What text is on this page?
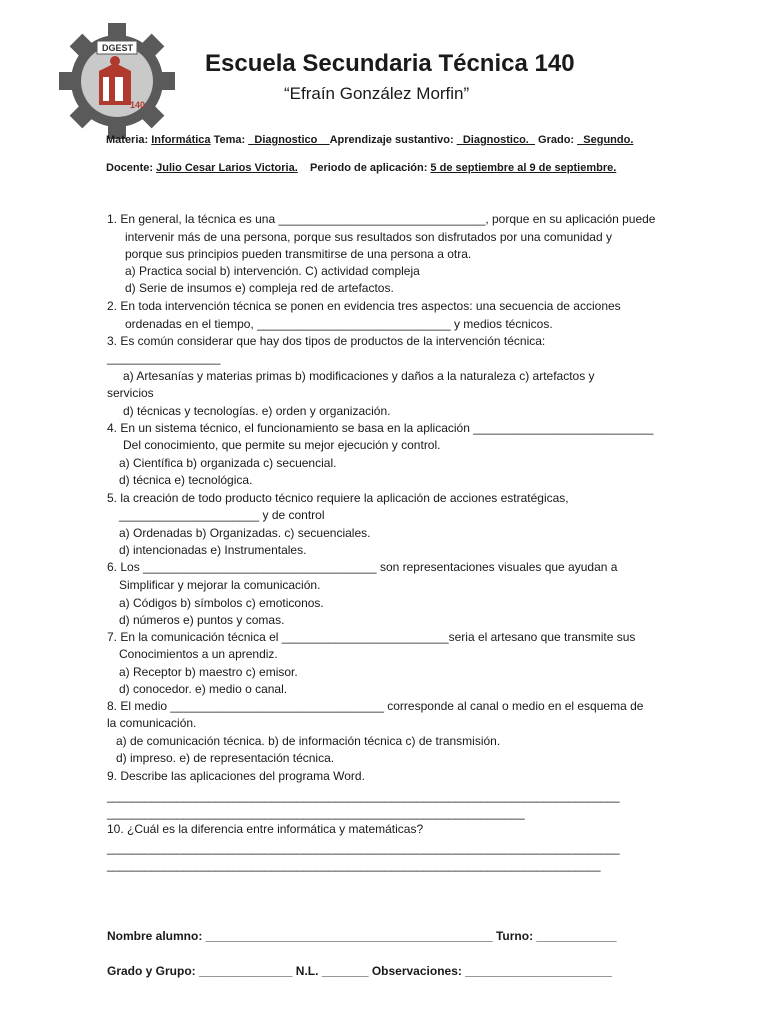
DGEST
140
Escuela Secundaria Técnica 140
“Efraín González Morfin”
Materia: Informática Tema: _Diagnostico__Aprendizaje sustantivo: _Diagnostico._ Grado: _Segundo.
Docente: Julio Cesar Larios Victoria. Periodo de aplicación: 5 de septiembre al 9 de septiembre.
1. En general, la técnica es una _______________________________, porque en su aplicación puede
intervenir más de una persona, porque sus resultados son disfrutados por una comunidad y
porque sus principios pueden transmitirse de una persona a otra.
a) Practica social b) intervención. C) actividad compleja
d) Serie de insumos e) compleja red de artefactos.
2. En toda intervención técnica se ponen en evidencia tres aspectos: una secuencia de acciones
ordenadas en el tiempo, _____________________________ y medios técnicos.
3. Es común considerar que hay dos tipos de productos de la intervención técnica:
_________________
a) Artesanías y materias primas b) modificaciones y daños a la naturaleza c) artefactos y
servicios
d) técnicas y tecnologías. e) orden y organización.
4. En un sistema técnico, el funcionamiento se basa en la aplicación ___________________________
Del conocimiento, que permite su mejor ejecución y control.
a) Científica b) organizada c) secuencial.
d) técnica e) tecnológica.
5. la creación de todo producto técnico requiere la aplicación de acciones estratégicas,
_____________________ y de control
a) Ordenadas b) Organizadas. c) secuenciales.
d) intencionadas e) Instrumentales.
6. Los ___________________________________ son representaciones visuales que ayudan a
Simplificar y mejorar la comunicación.
a) Códigos b) símbolos c) emoticonos.
d) números e) puntos y comas.
7. En la comunicación técnica el _________________________seria el artesano que transmite sus
Conocimientos a un aprendiz.
a) Receptor b) maestro c) emisor.
d) conocedor. e) medio o canal.
8. El medio ________________________________ corresponde al canal o medio en el esquema de
la comunicación.
a) de comunicación técnica. b) de información técnica c) de transmisión.
d) impreso. e) de representación técnica.
9. Describe las aplicaciones del programa Word.
_________________________________________________________________________________
__________________________________________________________________
10. ¿Cuál es la diferencia entre informática y matemáticas?
_________________________________________________________________________________
______________________________________________________________________________
Nombre alumno: ___________________________________________ Turno: ____________
Grado y Grupo: ______________ N.L. _______ Observaciones: ______________________
